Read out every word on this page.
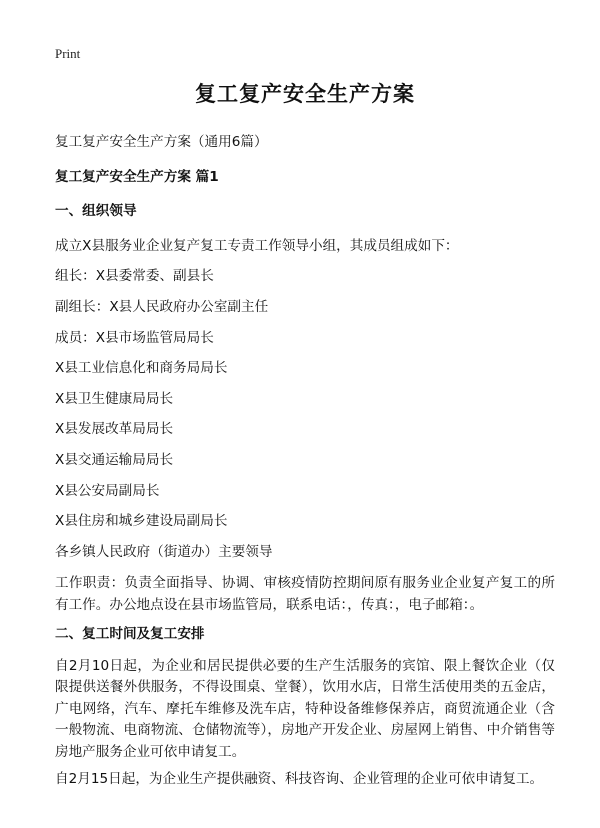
Print
复工复产安全生产方案

复工复产安全生产方案（通用6篇）

复工复产安全生产方案 篇1

一、组织领导

成立X县服务业企业复产复工专责工作领导小组，其成员组成如下：

组长：X县委常委、副县长

副组长：X县人民政府办公室副主任

成员：X县市场监管局局长

X县工业信息化和商务局局长

X县卫生健康局局长

X县发展改革局局长

X县交通运输局局长

X县公安局副局长

X县住房和城乡建设局副局长

各乡镇人民政府（街道办）主要领导

工作职责：负责全面指导、协调、审核疫情防控期间原有服务业企业复产复工的所有工作。办公地点设在县市场监管局，联系电话：，传真：，电子邮箱：。

二、复工时间及复工安排

自2月10日起，为企业和居民提供必要的生产生活服务的宾馆、限上餐饮企业（仅限提供送餐外供服务，不得设围桌、堂餐），饮用水店，日常生活使用类的五金店，广电网络，汽车、摩托车维修及洗车店，特种设备维修保养店，商贸流通企业（含一般物流、电商物流、仓储物流等），房地产开发企业、房屋网上销售、中介销售等房地产服务企业可依申请复工。

自2月15日起，为企业生产提供融资、科技咨询、企业管理的企业可依申请复工。
